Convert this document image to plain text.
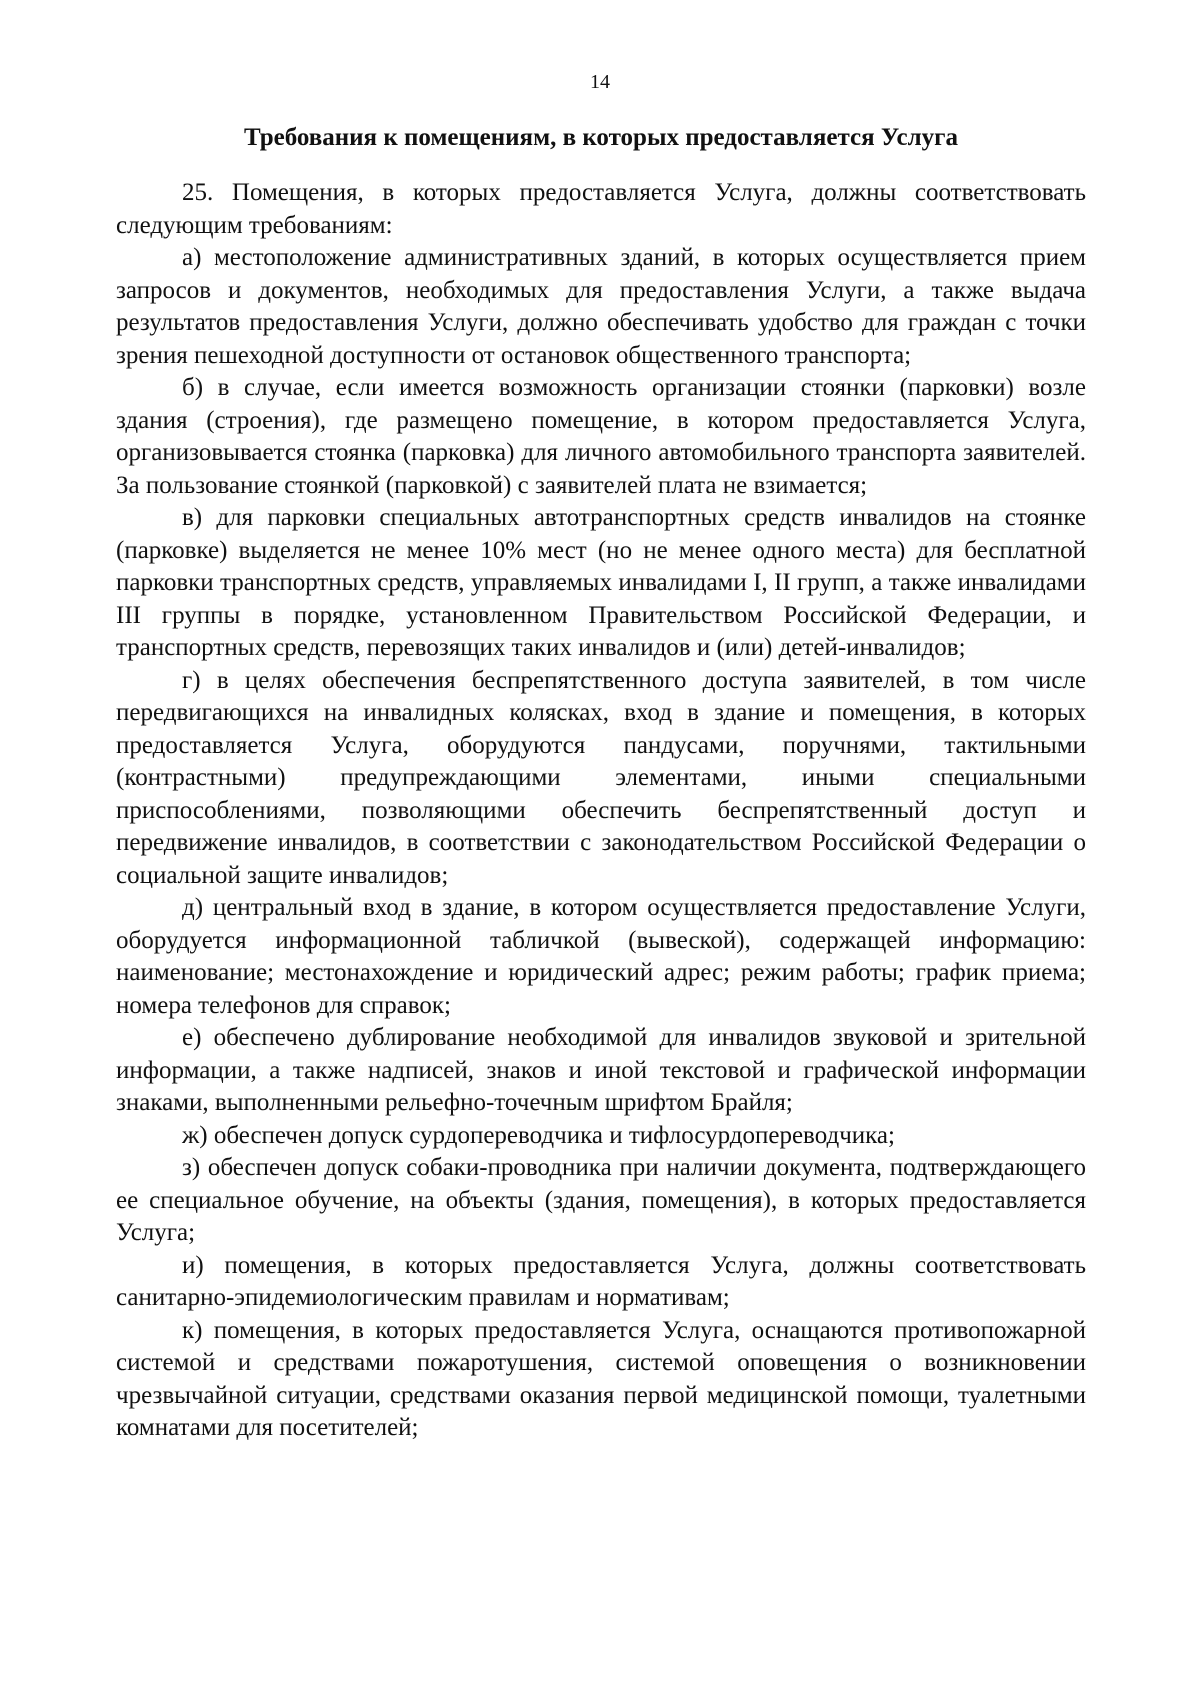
14
Требования к помещениям, в которых предоставляется Услуга

25. Помещения, в которых предоставляется Услуга, должны соответствовать следующим требованиям:

а) местоположение административных зданий, в которых осуществляется прием запросов и документов, необходимых для предоставления Услуги, а также выдача результатов предоставления Услуги, должно обеспечивать удобство для граждан с точки зрения пешеходной доступности от остановок общественного транспорта;

б) в случае, если имеется возможность организации стоянки (парковки) возле здания (строения), где размещено помещение, в котором предоставляется Услуга, организовывается стоянка (парковка) для личного автомобильного транспорта заявителей. За пользование стоянкой (парковкой) с заявителей плата не взимается;

в) для парковки специальных автотранспортных средств инвалидов на стоянке (парковке) выделяется не менее 10% мест (но не менее одного места) для бесплатной парковки транспортных средств, управляемых инвалидами I, II групп, а также инвалидами III группы в порядке, установленном Правительством Российской Федерации, и транспортных средств, перевозящих таких инвалидов и (или) детей-инвалидов;

г) в целях обеспечения беспрепятственного доступа заявителей, в том числе передвигающихся на инвалидных колясках, вход в здание и помещения, в которых предоставляется Услуга, оборудуются пандусами, поручнями, тактильными (контрастными) предупреждающими элементами, иными специальными приспособлениями, позволяющими обеспечить беспрепятственный доступ и передвижение инвалидов, в соответствии с законодательством Российской Федерации о социальной защите инвалидов;

д) центральный вход в здание, в котором осуществляется предоставление Услуги, оборудуется информационной табличкой (вывеской), содержащей информацию: наименование; местонахождение и юридический адрес; режим работы; график приема; номера телефонов для справок;

е) обеспечено дублирование необходимой для инвалидов звуковой и зрительной информации, а также надписей, знаков и иной текстовой и графической информации знаками, выполненными рельефно-точечным шрифтом Брайля;

ж) обеспечен допуск сурдопереводчика и тифлосурдопереводчика;

з) обеспечен допуск собаки-проводника при наличии документа, подтверждающего ее специальное обучение, на объекты (здания, помещения), в которых предоставляется Услуга;

и) помещения, в которых предоставляется Услуга, должны соответствовать санитарно-эпидемиологическим правилам и нормативам;

к) помещения, в которых предоставляется Услуга, оснащаются противопожарной системой и средствами пожаротушения, системой оповещения о возникновении чрезвычайной ситуации, средствами оказания первой медицинской помощи, туалетными комнатами для посетителей;
